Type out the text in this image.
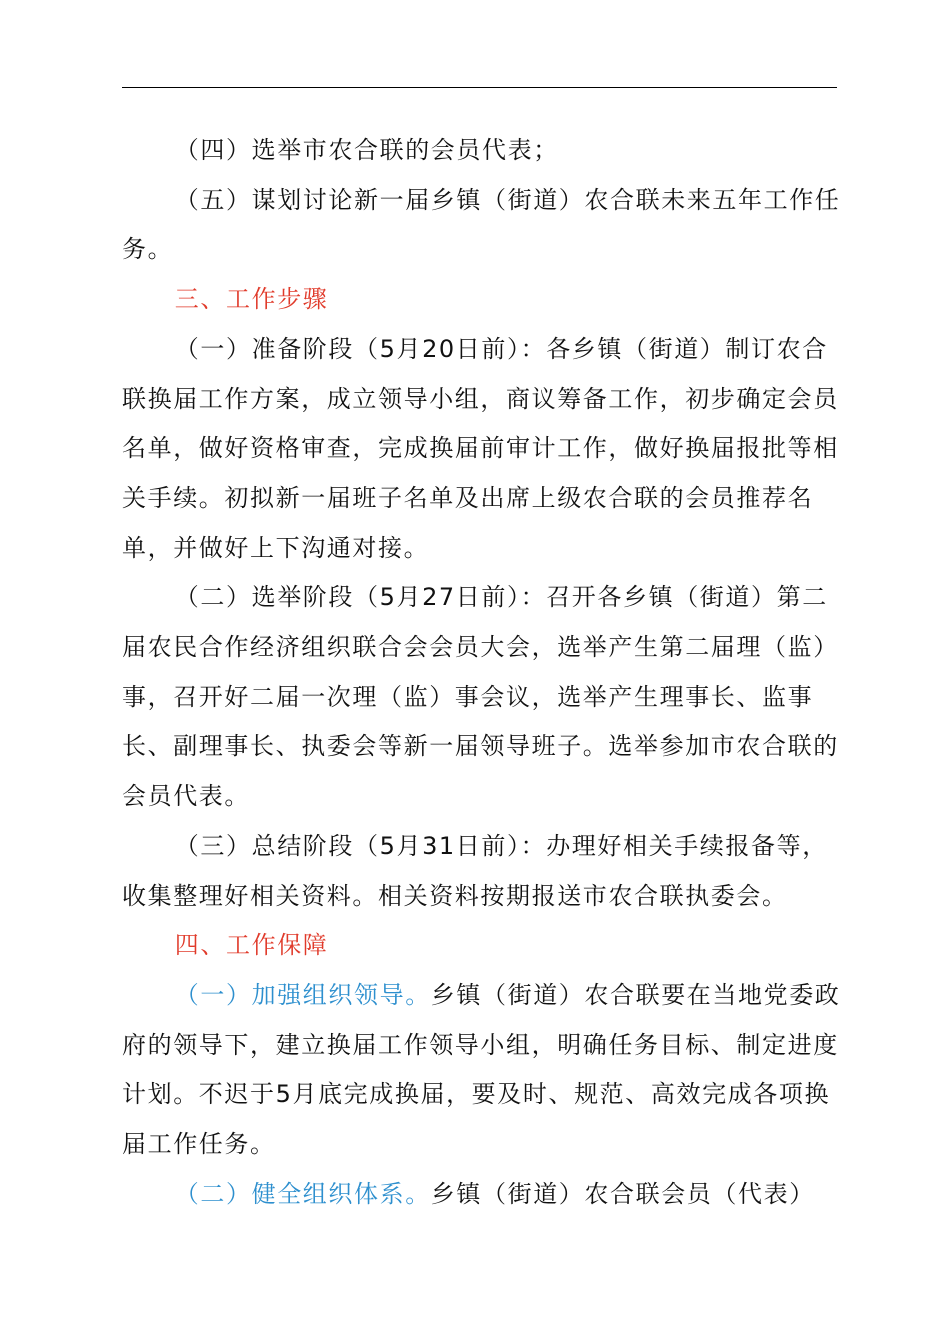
（四）选举市农合联的会员代表；

（五）谋划讨论新一届乡镇（街道）农合联未来五年工作任务。

三、工作步骤

（一）准备阶段（5月20日前）：各乡镇（街道）制订农合联换届工作方案，成立领导小组，商议筹备工作，初步确定会员名单，做好资格审查，完成换届前审计工作，做好换届报批等相关手续。初拟新一届班子名单及出席上级农合联的会员推荐名单，并做好上下沟通对接。

（二）选举阶段（5月27日前）：召开各乡镇（街道）第二届农民合作经济组织联合会会员大会，选举产生第二届理（监）事，召开好二届一次理（监）事会议，选举产生理事长、监事长、副理事长、执委会等新一届领导班子。选举参加市农合联的会员代表。

（三）总结阶段（5月31日前）：办理好相关手续报备等，收集整理好相关资料。相关资料按期报送市农合联执委会。

四、工作保障

（一）加强组织领导。乡镇（街道）农合联要在当地党委政府的领导下，建立换届工作领导小组，明确任务目标、制定进度计划。不迟于5月底完成换届，要及时、规范、高效完成各项换届工作任务。

（二）健全组织体系。乡镇（街道）农合联会员（代表）
